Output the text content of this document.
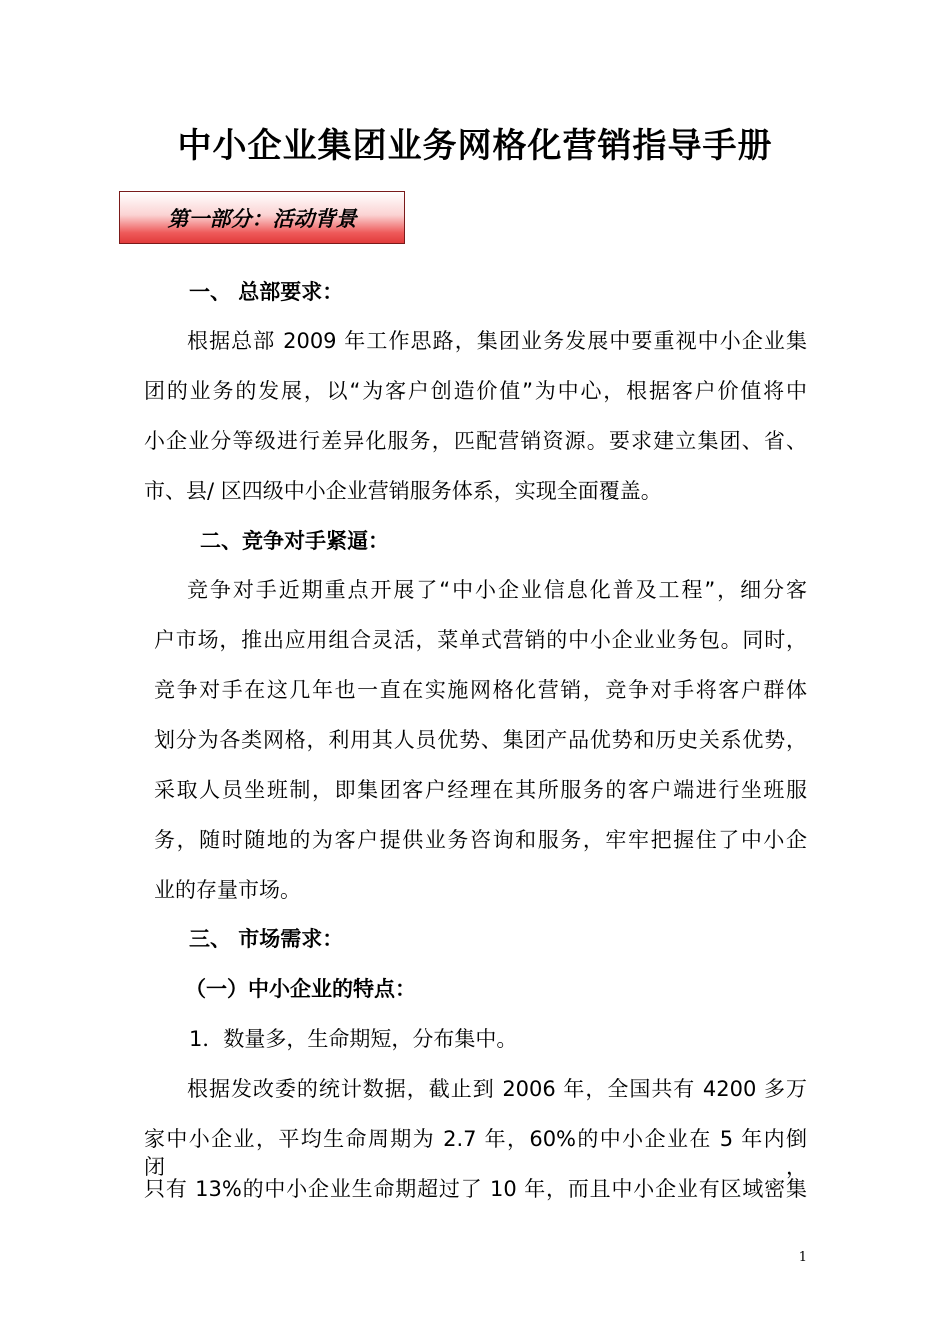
中小企业集团业务网格化营销指导手册
第一部分：活动背景
一、 总部要求：
根据总部 2009 年工作思路，集团业务发展中要重视中小企业集
团的业务的发展，以“为客户创造价值”为中心，根据客户价值将中
小企业分等级进行差异化服务，匹配营销资源。要求建立集团、省、
市、县/ 区四级中小企业营销服务体系，实现全面覆盖。
二、竞争对手紧逼：
竞争对手近期重点开展了“中小企业信息化普及工程”，细分客
户市场，推出应用组合灵活，菜单式营销的中小企业业务包。同时，
竞争对手在这几年也一直在实施网格化营销，竞争对手将客户群体
划分为各类网格，利用其人员优势、集团产品优势和历史关系优势，
采取人员坐班制，即集团客户经理在其所服务的客户端进行坐班服
务，随时随地的为客户提供业务咨询和服务，牢牢把握住了中小企
业的存量市场。
三、 市场需求：
（一）中小企业的特点：
1．数量多，生命期短，分布集中。
根据发改委的统计数据，截止到 2006 年，全国共有 4200 多万
家中小企业，平均生命周期为 2.7 年，60%的中小企业在 5 年内倒闭，
只有 13%的中小企业生命期超过了 10 年，而且中小企业有区域密集
1
